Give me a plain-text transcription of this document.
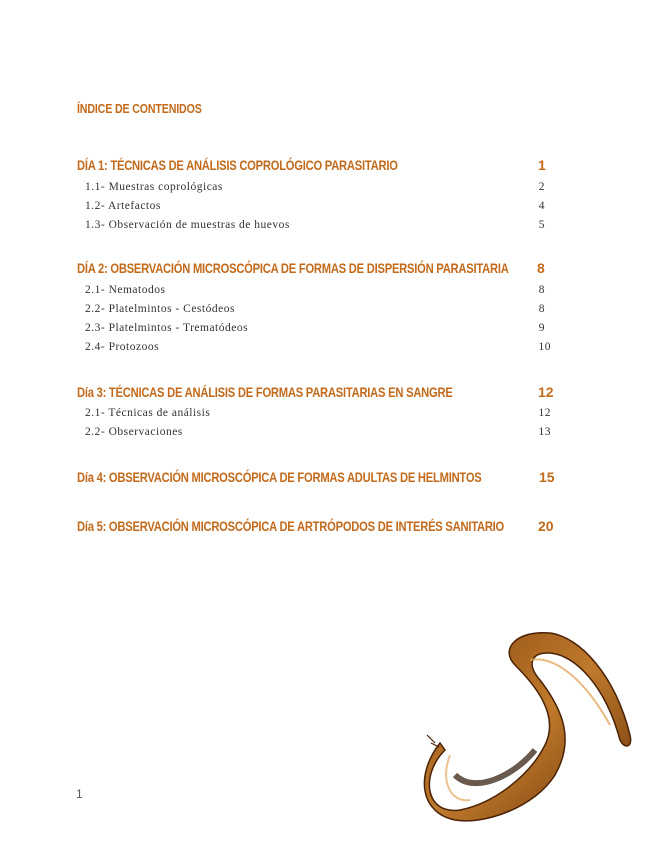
ÍNDICE DE CONTENIDOS
DÍA 1: TÉCNICAS DE ANÁLISIS COPROLÓGICO PARASITARIO	1
1.1- Muestras coprológicas	2
1.2- Artefactos	4
1.3- Observación de muestras de huevos	5
DÍA 2: OBSERVACIÓN MICROSCÓPICA DE FORMAS DE DISPERSIÓN PARASITARIA 8
2.1- Nematodos	8
2.2- Platelmintos - Cestódeos	8
2.3- Platelmintos - Trematódeos	9
2.4- Protozoos	10
Día 3: TÉCNICAS DE ANÁLISIS DE FORMAS PARASITARIAS EN SANGRE	12
2.1- Técnicas de análisis	12
2.2- Observaciones	13
Día 4: OBSERVACIÓN MICROSCÓPICA DE FORMAS ADULTAS DE HELMINTOS	15
Día 5: OBSERVACIÓN MICROSCÓPICA DE ARTRÓPODOS DE INTERÉS SANITARIO 20
1
